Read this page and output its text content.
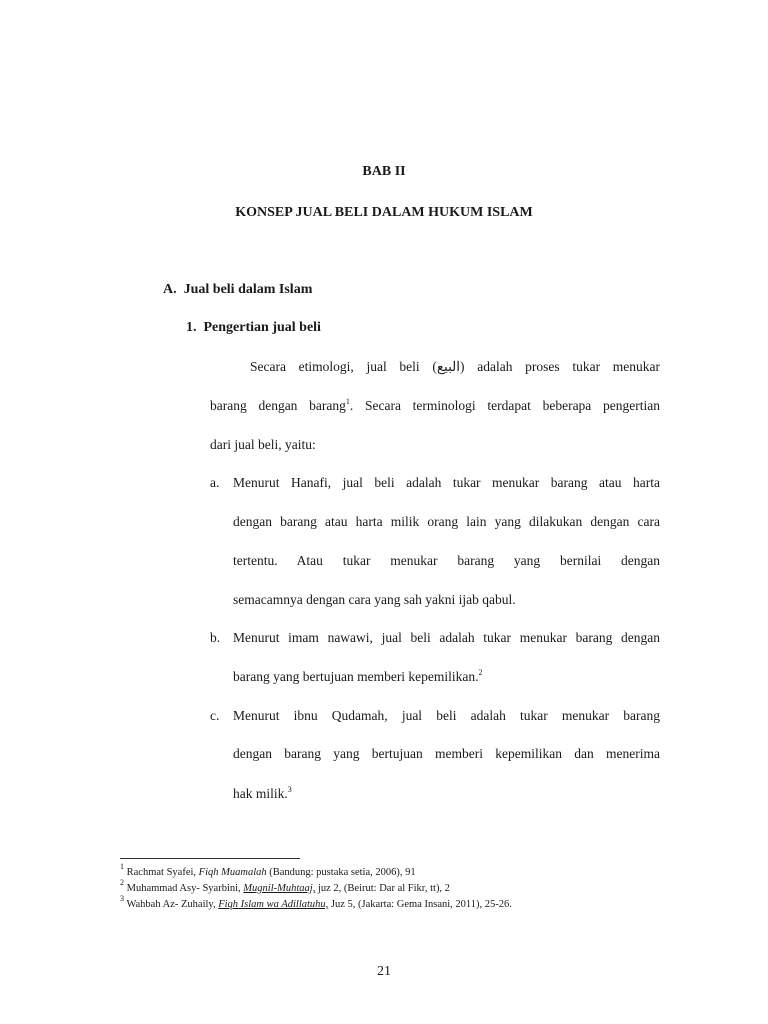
BAB II
KONSEP JUAL BELI DALAM HUKUM ISLAM
A.  Jual beli dalam Islam
1.  Pengertian jual beli
Secara etimologi, jual beli (البيع) adalah proses tukar menukar
barang dengan barang$^1$. Secara terminologi terdapat beberapa pengertian
dari jual beli, yaitu:
a. Menurut Hanafi, jual beli adalah tukar menukar barang atau harta
dengan barang atau harta milik orang lain yang dilakukan dengan cara
tertentu. Atau tukar menukar barang yang bernilai dengan
semacamnya dengan cara yang sah yakni ijab qabul.
b. Menurut imam nawawi, jual beli adalah tukar menukar barang dengan
barang yang bertujuan memberi kepemilikan.$^2$
c. Menurut ibnu Qudamah, jual beli adalah tukar menukar barang
dengan barang yang bertujuan memberi kepemilikan dan menerima
hak milik.$^3$
$^1$ Rachmat Syafei, Fiqh Muamalah (Bandung: pustaka setia, 2006), 91
$^2$ Muhammad Asy- Syarbini, Mugnil-Muhtaaj, juz 2, (Beirut: Dar al Fikr, tt), 2
$^3$ Wahbah Az- Zuhaily, Fiqh Islam wa Adillatuhu, Juz 5, (Jakarta: Gema Insani, 2011), 25-26.
21
